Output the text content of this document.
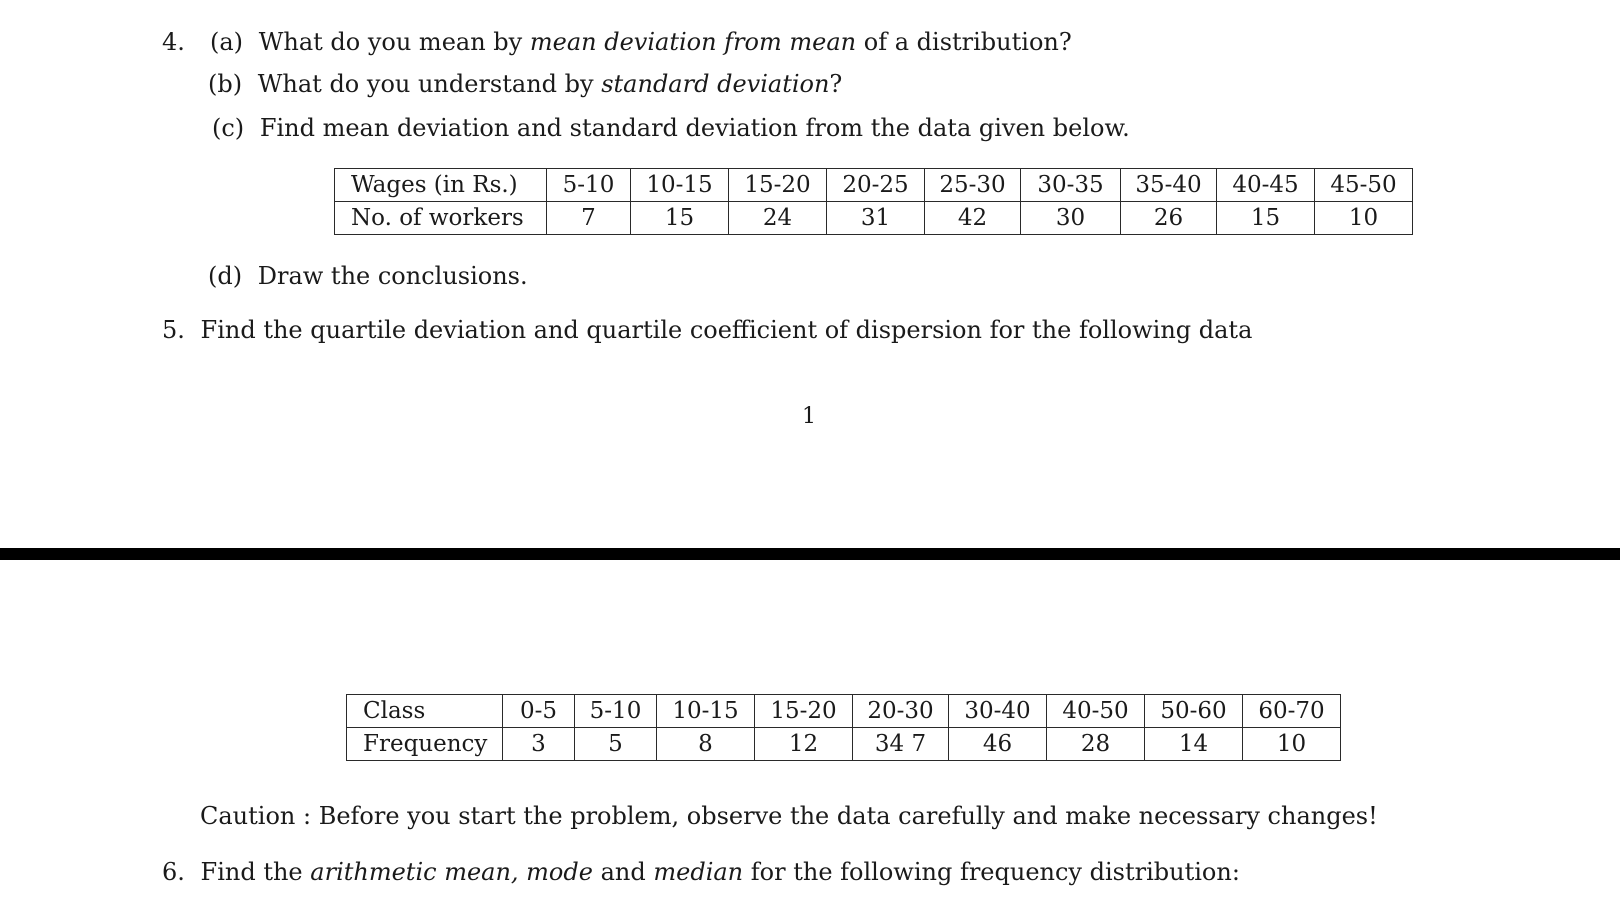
4. (a) What do you mean by mean deviation from mean of a distribution?
(b) What do you understand by standard deviation?
(c) Find mean deviation and standard deviation from the data given below.
Wages (in Rs.)	5-10	10-15	15-20	20-25	25-30	30-35	35-40	40-45	45-50
No. of workers	7	15	24	31	42	30	26	15	10
(d) Draw the conclusions.
5. Find the quartile deviation and quartile coefficient of dispersion for the following data
1
Class	0-5	5-10	10-15	15-20	20-30	30-40	40-50	50-60	60-70
Frequency	3	5	8	12	34 7	46	28	14	10
Caution : Before you start the problem, observe the data carefully and make necessary changes!
6. Find the arithmetic mean, mode and median for the following frequency distribution:
